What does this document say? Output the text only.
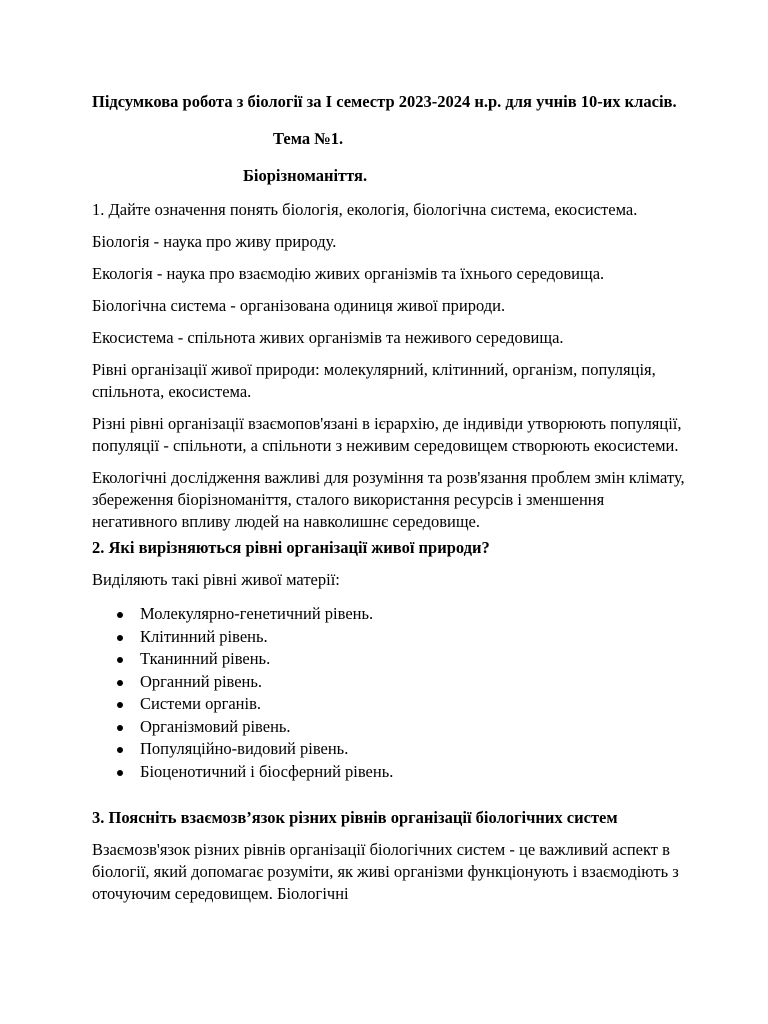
Підсумкова робота з біології за І семестр 2023-2024 н.р. для учнів 10-их класів.

Тема №1.

Біорізноманіття.

1. Дайте означення понять біологія, екологія, біологічна система, екосистема.

Біологія - наука про живу природу.

Екологія - наука про взаємодію живих організмів та їхнього середовища.

Біологічна система - організована одиниця живої природи.

Екосистема - спільнота живих організмів та неживого середовища.

Рівні організації живої природи: молекулярний, клітинний, організм, популяція, спільнота, екосистема.

Різні рівні організації взаємопов'язані в ієрархію, де індивіди утворюють популяції, популяції - спільноти, а спільноти з неживим середовищем створюють екосистеми.

Екологічні дослідження важливі для розуміння та розв'язання проблем змін клімату, збереження біорізноманіття, сталого використання ресурсів і зменшення негативного впливу людей на навколишнє середовище.

2. Які вирізняються рівні організації живої природи?

Виділяють такі рівні живої матерії:

Молекулярно-генетичний рівень.
Клітинний рівень.
Тканинний рівень.
Органний рівень.
Системи органів.
Організмовий рівень.
Популяційно-видовий рівень.
Біоценотичний і біосферний рівень.

3. Поясніть взаємозв’язок різних рівнів організації біологічних систем

Взаємозв'язок різних рівнів організації біологічних систем - це важливий аспект в біології, який допомагає розуміти, як живі організми функціонують і взаємодіють з оточуючим середовищем. Біологічні
